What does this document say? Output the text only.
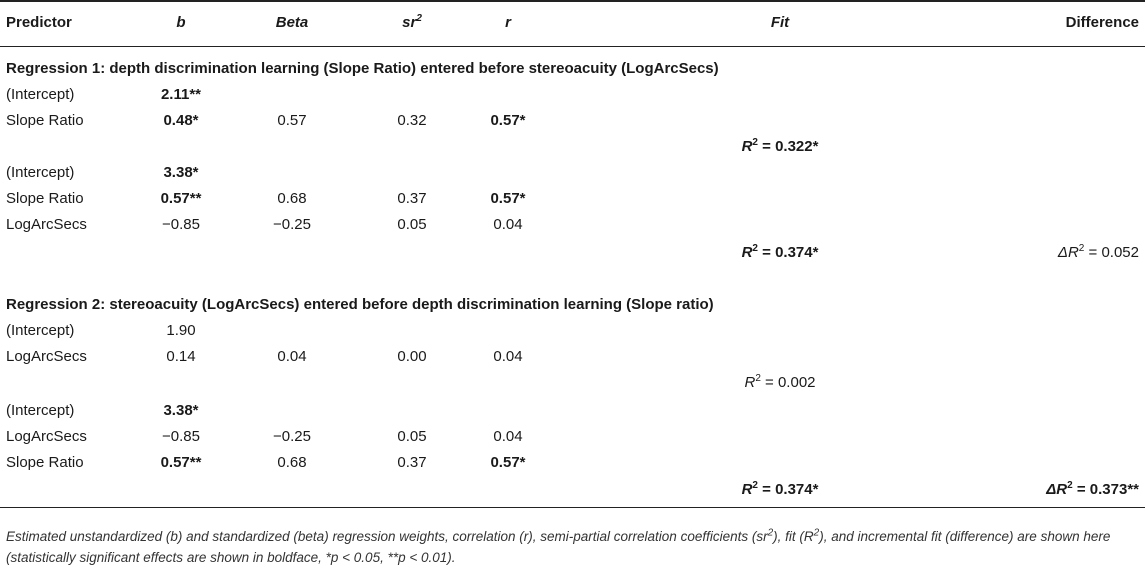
Predictor	b	Beta	$sr^2$	r	Fit	Difference
Regression 1: depth discrimination learning (Slope Ratio) entered before stereoacuity (LogArcSecs)
(Intercept)	2.11**
Slope Ratio	0.48*	0.57	0.32	0.57*
$R^2 = 0.322*$
(Intercept)	3.38*
Slope Ratio	0.57**	0.68	0.37	0.57*
LogArcSecs	−0.85	−0.25	0.05	0.04
$R^2 = 0.374*$	$\Delta R^2 = 0.052$
Regression 2: stereoacuity (LogArcSecs) entered before depth discrimination learning (Slope ratio)
(Intercept)	1.90
LogArcSecs	0.14	0.04	0.00	0.04
$R^2 = 0.002$
(Intercept)	3.38*
LogArcSecs	−0.85	−0.25	0.05	0.04
Slope Ratio	0.57**	0.68	0.37	0.57*
$R^2 = 0.374*$	$\Delta R^2 = 0.373**$
Estimated unstandardized (b) and standardized (beta) regression weights, correlation (r), semi-partial correlation coefficients $(sr^2)$, fit $(R^2)$, and incremental fit (difference) are shown here
(statistically significant effects are shown in boldface, *p < 0.05, **p < 0.01).
